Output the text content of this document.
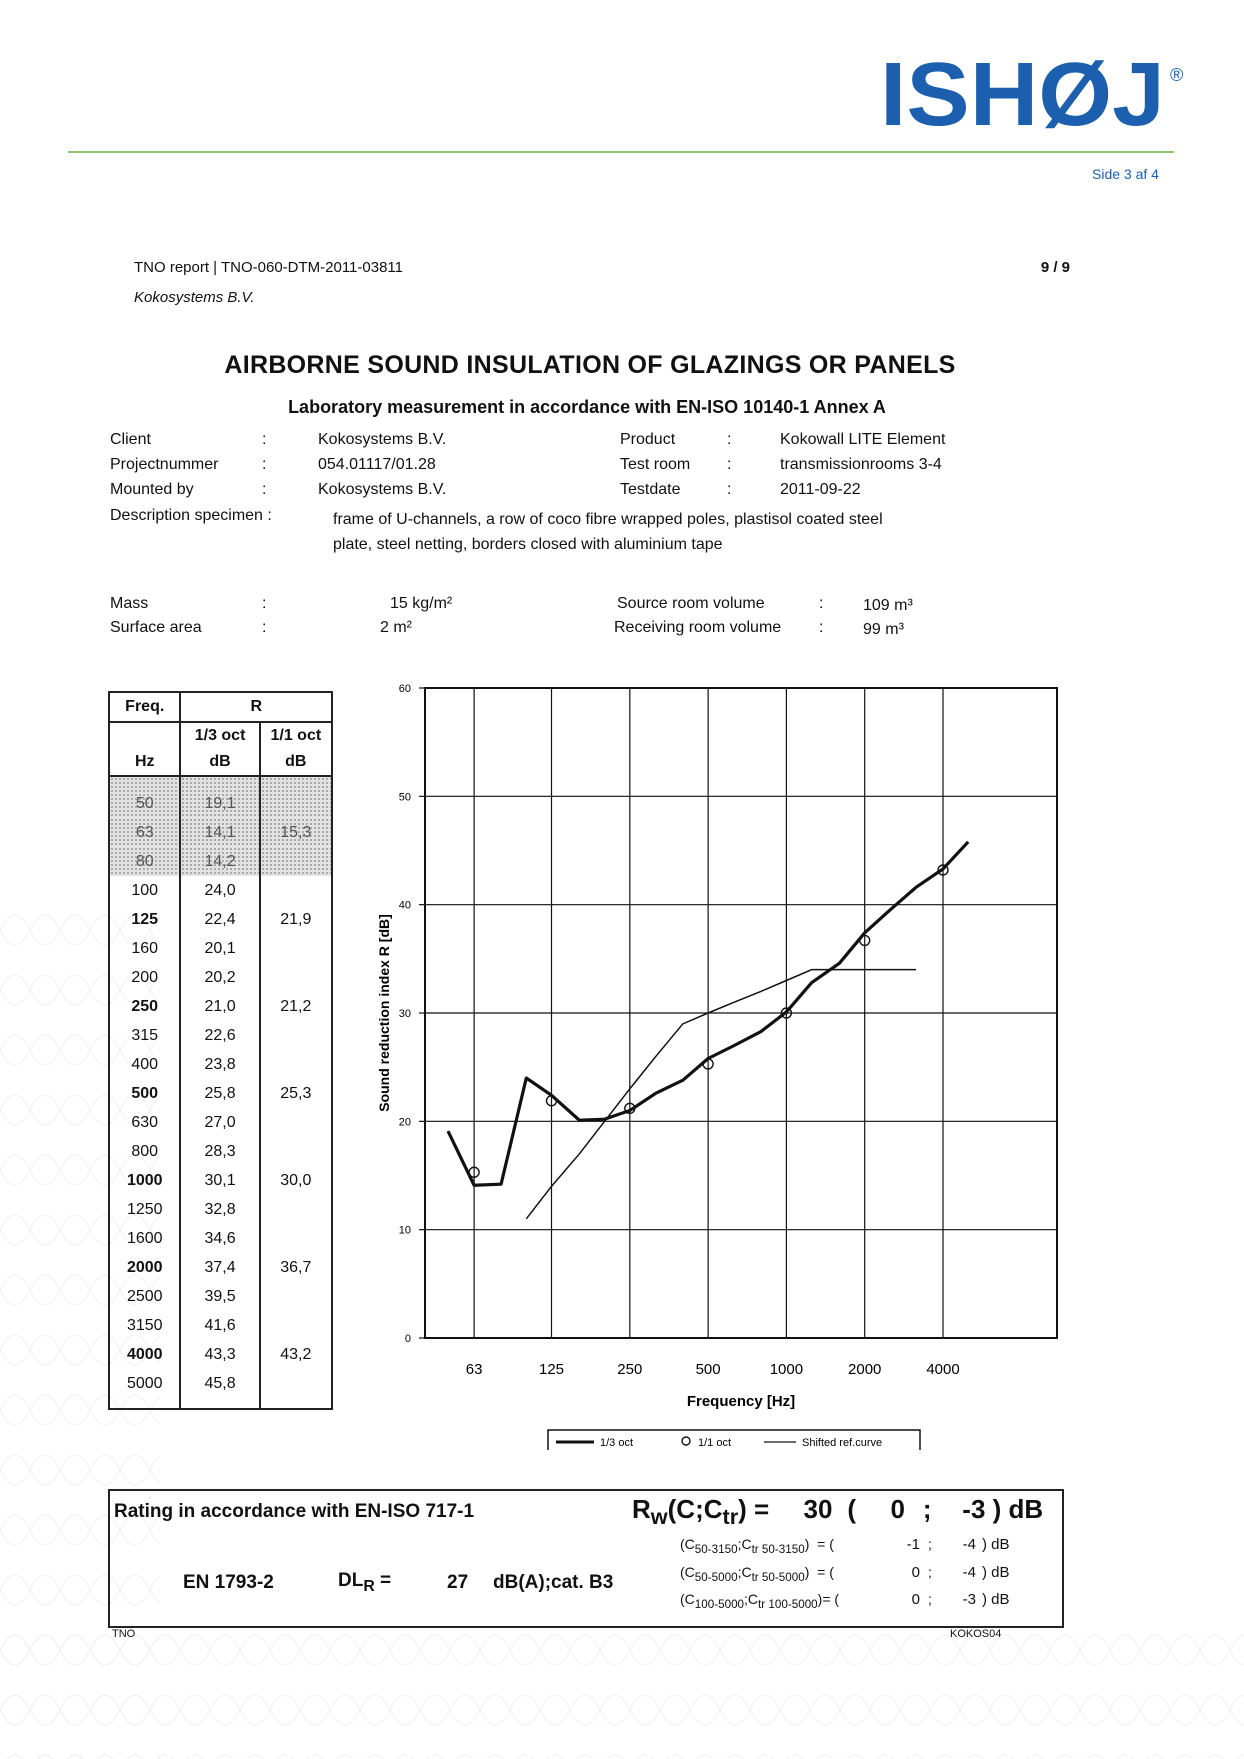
ISHØJ ®
Side 3 af 4
TNO report | TNO-060-DTM-2011-03811
Kokosystems B.V.
9 / 9
AIRBORNE SOUND INSULATION OF GLAZINGS OR PANELS
Laboratory measurement in accordance with EN-ISO 10140-1 Annex A
Client	:	Kokosystems B.V.
Projectnummer	:	054.01117/01.28
Mounted by	:	Kokosystems B.V.
Product	:	Kokowall LITE Element
Test room :	transmissionrooms 3-4
Testdate	:	2011-09-22
Description specimen :	frame of U-channels, a row of coco fibre wrapped poles, plastisol coated steel
plate, steel netting, borders closed with aluminium tape
Mass	:	15 kg/m²
Surface area	:	2 m²
Source room volume	: 109 m³
Receiving room volume : 99 m³
Freq.	R	
	1/3 oct	1/1 oct
Hz	dB	dB

50	19,1	
63	14,1	15,3
80	14,2	
100	24,0	
125	22,4	21,9
160	20,1	
200	20,2	
250	21,0	21,2
315	22,6	
400	23,8	
500	25,8	25,3
630	27,0	
800	28,3	
1000	30,1	30,0
1250	32,8	
1600	34,6	
2000	37,4	36,7
2500	39,5	
3150	41,6	
4000	43,3	43,2
5000	45,8	

0
10
20
30
40
50
60
63	125	250	500	1000	2000	4000
Frequency [Hz]
Sound reduction index R [dB]
1/3 oct	1/1 oct	Shifted ref.curve
Rating in accordance with EN-ISO 717-1	$R_w(C;C_{tr}) = 30$ ( 0 ; -3 ) dB
EN 1793-2	$DL_R$ =	27 dB(A);cat. B3
$(C_{50-3150};C_{tr 50-3150})$  = (	-1 ; -4 ) dB
$(C_{50-5000};C_{tr 50-5000})$  = (	0 ; -4 ) dB
$(C_{100-5000};C_{tr 100-5000})=$ (	0 ; -3 ) dB
TNO	KOKOS04
